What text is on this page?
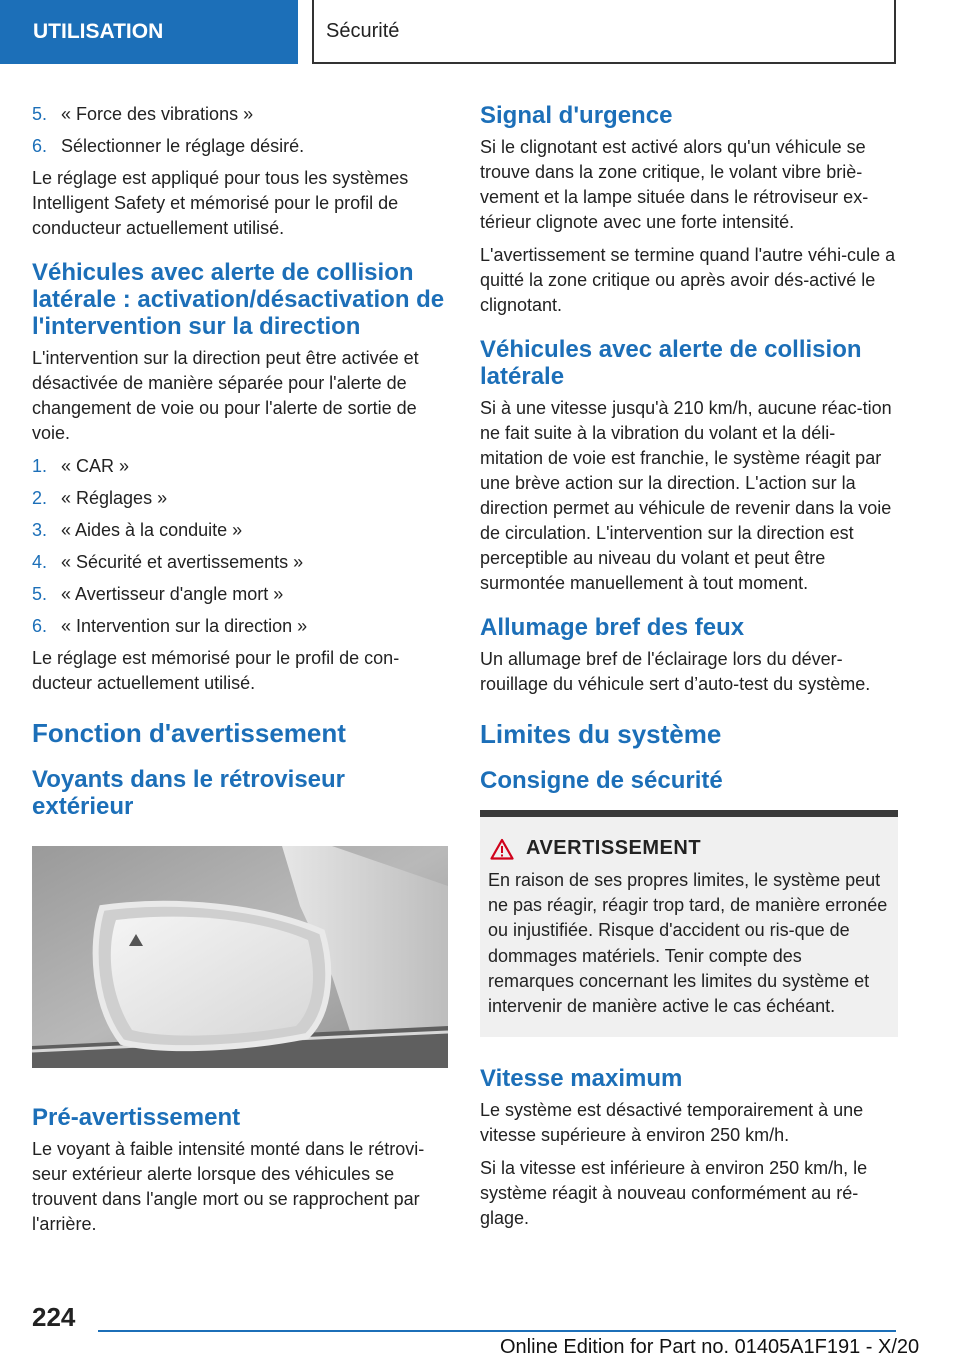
UTILISATION	Sécurité
5. « Force des vibrations »
6. Sélectionner le réglage désiré.

Le réglage est appliqué pour tous les systèmes Intelligent Safety et mémorisé pour le profil de conducteur actuellement utilisé.

Véhicules avec alerte de collision latérale : activation/désactivation de l'intervention sur la direction

L'intervention sur la direction peut être activée et désactivée de manière séparée pour l'alerte de changement de voie ou pour l'alerte de sortie de voie.

1. « CAR »
2. « Réglages »
3. « Aides à la conduite »
4. « Sécurité et avertissements »
5. « Avertisseur d'angle mort »
6. « Intervention sur la direction »

Le réglage est mémorisé pour le profil de con‐ducteur actuellement utilisé.

Fonction d'avertissement
Voyants dans le rétroviseur extérieur
Pré‑avertissement

Le voyant à faible intensité monté dans le rétrovi‐seur extérieur alerte lorsque des véhicules se trouvent dans l'angle mort ou se rapprochent par l'arrière.

Signal d'urgence

Si le clignotant est activé alors qu'un véhicule se trouve dans la zone critique, le volant vibre briè‐vement et la lampe située dans le rétroviseur ex‐térieur clignote avec une forte intensité.

L'avertissement se termine quand l'autre véhi‐cule a quitté la zone critique ou après avoir dés‐activé le clignotant.

Véhicules avec alerte de collision latérale

Si à une vitesse jusqu'à 210 km/h, aucune réac‐tion ne fait suite à la vibration du volant et la déli‐mitation de voie est franchie, le système réagit par une brève action sur la direction. L'action sur la direction permet au véhicule de revenir dans la voie de circulation. L'intervention sur la direction est perceptible au niveau du volant et peut être surmontée manuellement à tout moment.

Allumage bref des feux

Un allumage bref de l'éclairage lors du déver‐rouillage du véhicule sert d’auto-test du système.

Limites du système
Consigne de sécurité
AVERTISSEMENT

En raison de ses propres limites, le système peut ne pas réagir, réagir trop tard, de manière erronée ou injustifiée. Risque d'accident ou ris‐que de dommages matériels. Tenir compte des remarques concernant les limites du système et intervenir de manière active le cas échéant.

Vitesse maximum

Le système est désactivé temporairement à une vitesse supérieure à environ 250 km/h.

Si la vitesse est inférieure à environ 250 km/h, le système réagit à nouveau conformément au ré‐glage.

224
Online Edition for Part no. 01405A1F191 - X/20
